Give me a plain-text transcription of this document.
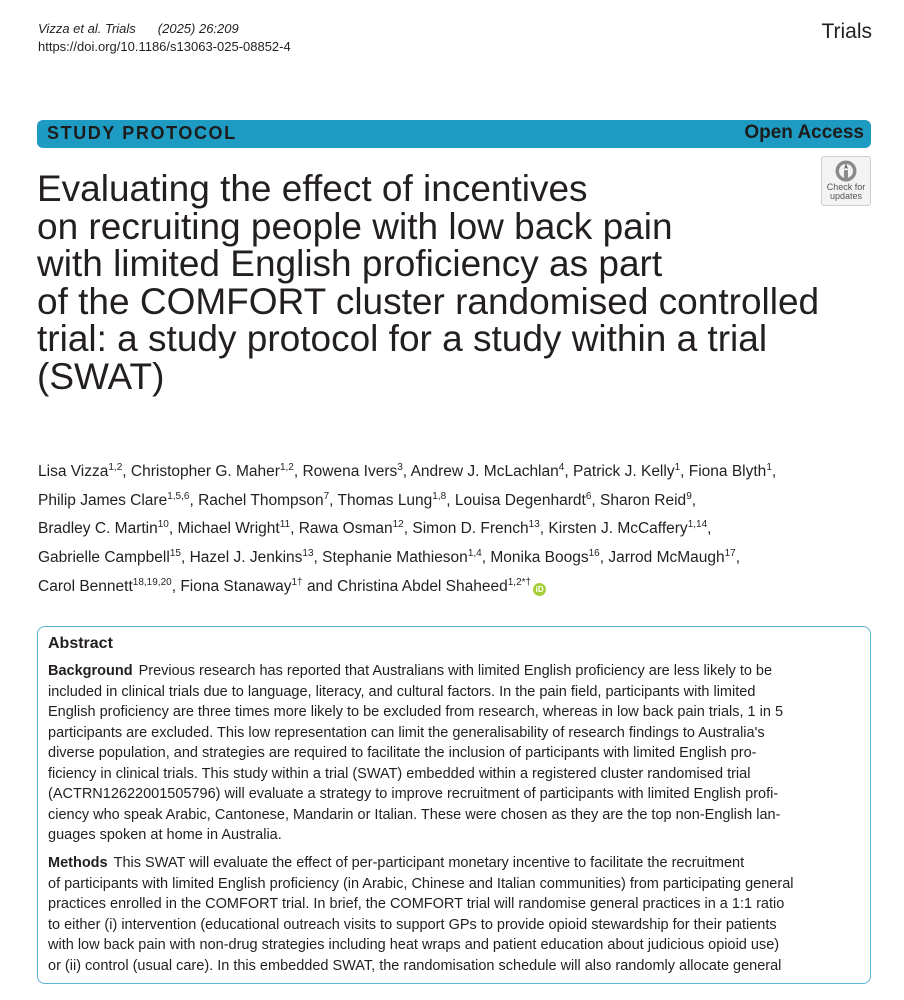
Vizza et al. Trials (2025) 26:209
https://doi.org/10.1186/s13063-025-08852-4
Trials
STUDY PROTOCOL	Open Access
Check for
updates
Evaluating the effect of incentives
on recruiting people with low back pain
with limited English proficiency as part
of the COMFORT cluster randomised controlled
trial: a study protocol for a study within a trial
(SWAT)
Lisa Vizza$^{1,2}$, Christopher G. Maher$^{1,2}$, Rowena Ivers$^3$, Andrew J. McLachlan$^4$, Patrick J. Kelly$^1$, Fiona Blyth$^1$,
Philip James Clare$^{1,5,6}$, Rachel Thompson$^7$, Thomas Lung$^{1,8}$, Louisa Degenhardt$^6$, Sharon Reid$^9$,
Bradley C. Martin$^{10}$, Michael Wright$^{11}$, Rawa Osman$^{12}$, Simon D. French$^{13}$, Kirsten J. McCaffery$^{1,14}$,
Gabrielle Campbell$^{15}$, Hazel J. Jenkins$^{13}$, Stephanie Mathieson$^{1,4}$, Monika Boogs$^{16}$, Jarrod McMaugh$^{17}$,
Carol Bennett$^{18,19,20}$, Fiona Stanaway$^{1\dagger}$ and Christina Abdel Shaheed$^{1,2*\dagger}$iD
Abstract
Background Previous research has reported that Australians with limited English proficiency are less likely to be
included in clinical trials due to language, literacy, and cultural factors. In the pain field, participants with limited
English proficiency are three times more likely to be excluded from research, whereas in low back pain trials, 1 in 5
participants are excluded. This low representation can limit the generalisability of research findings to Australia's
diverse population, and strategies are required to facilitate the inclusion of participants with limited English pro-
ficiency in clinical trials. This study within a trial (SWAT) embedded within a registered cluster randomised trial
(ACTRN12622001505796) will evaluate a strategy to improve recruitment of participants with limited English profi-
ciency who speak Arabic, Cantonese, Mandarin or Italian. These were chosen as they are the top non-English lan-
guages spoken at home in Australia.
Methods This SWAT will evaluate the effect of per-participant monetary incentive to facilitate the recruitment
of participants with limited English proficiency (in Arabic, Chinese and Italian communities) from participating general
practices enrolled in the COMFORT trial. In brief, the COMFORT trial will randomise general practices in a 1:1 ratio
to either (i) intervention (educational outreach visits to support GPs to provide opioid stewardship for their patients
with low back pain with non-drug strategies including heat wraps and patient education about judicious opioid use)
or (ii) control (usual care). In this embedded SWAT, the randomisation schedule will also randomly allocate general
